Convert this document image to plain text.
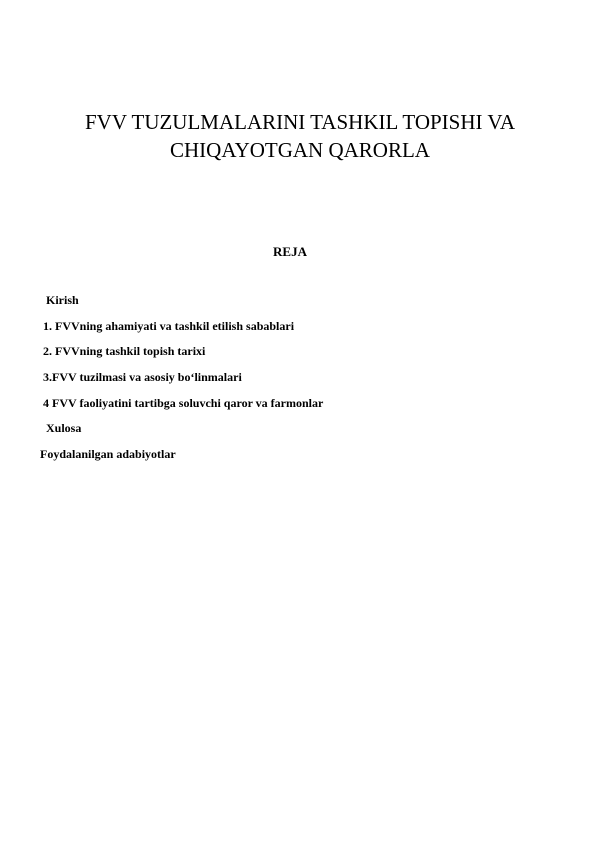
FVV TUZULMALARINI TASHKIL TOPISHI VA
CHIQAYOTGAN QARORLA
REJA
Kirish
1. FVVning ahamiyati va tashkil etilish sabablari
2. FVVning tashkil topish tarixi
3.FVV tuzilmasi va asosiy bo‘linmalari
4 FVV faoliyatini tartibga soluvchi qaror va farmonlar
Xulosa
Foydalanilgan adabiyotlar
